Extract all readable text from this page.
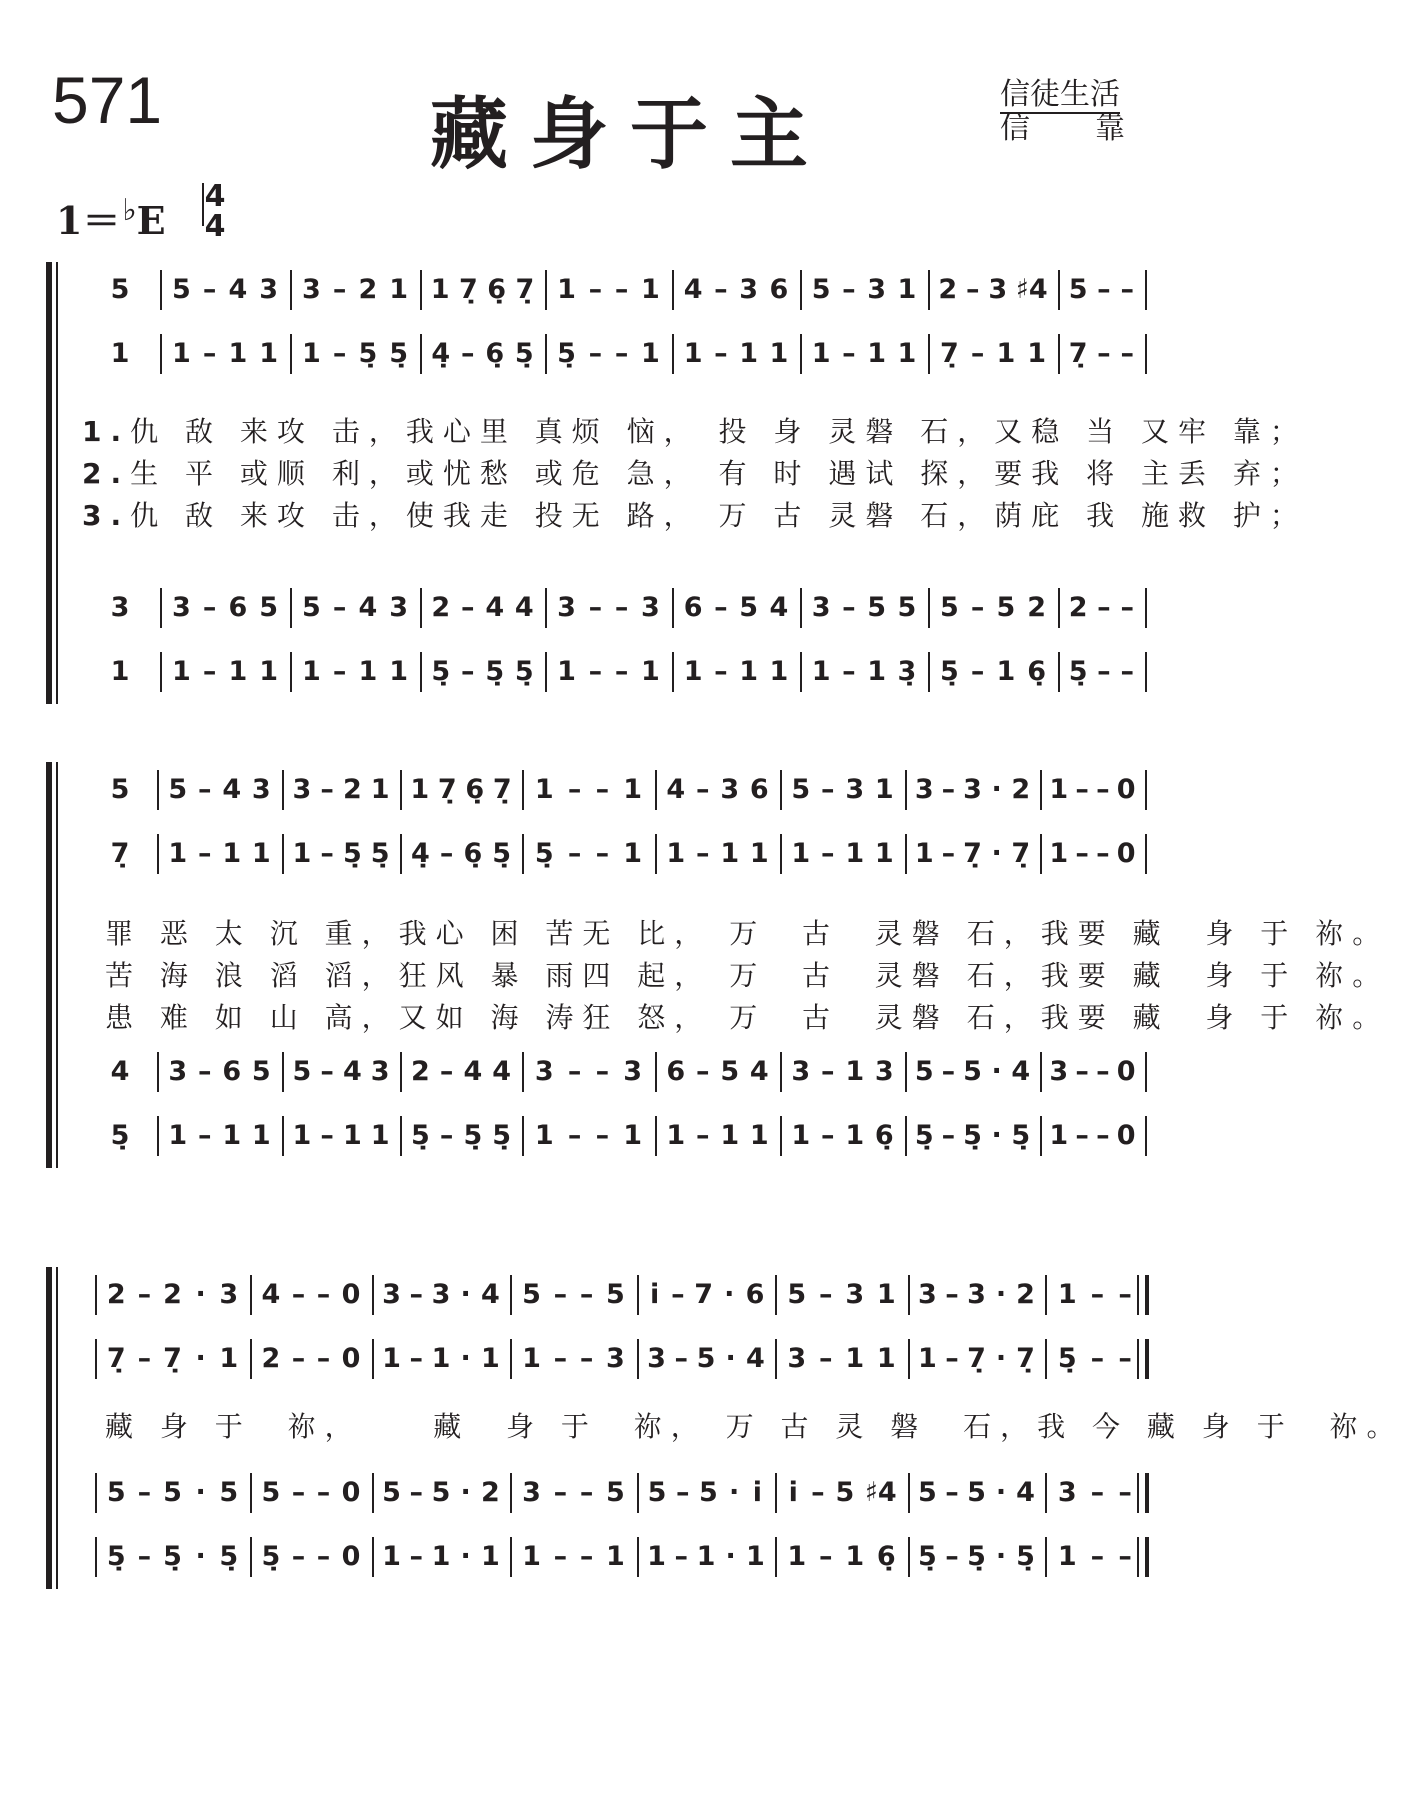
571	藏身于主	信徒生活
信靠
1＝♭E
4
4
5	5 – 4 3 3 – 2 1 1 7̣ 6̣ 7̣ 1 – – 1 4 – 3 6 5 – 3 1 2 – 3 ♯4 5 – –
1	1 – 1 1 1 – 5̣ 5̣ 4̣ – 6̣ 5̣ 5̣ – – 1 1 – 1 1 1 – 1 1 7̣ – 1 1 7̣ – –
3	3 – 6 5 5 – 4 3 2 – 4 4 3 – – 3 6 – 5 4 3 – 5 5 5 – 5 2 2 – –
1	1 – 1 1 1 – 1 1 5̣ – 5̣ 5̣ 1 – – 1 1 – 1 1 1 – 1 3̣ 5̣ – 1 6̣ 5̣ – –
1.仇 敌 来攻 击，我心里 真烦 恼， 投 身 灵磐 石，又稳 当 又牢 靠；
2.生 平 或顺 利，或忧愁 或危 急， 有 时 遇试 探，要我 将 主丢 弃；
3.仇 敌 来攻 击，使我走 投无 路， 万 古 灵磐 石，荫庇 我 施救 护；
5	5 – 4 3 3 – 2 1 1 7̣ 6̣ 7̣ 1 – – 1 4 – 3 6 5 – 3 1 3 – 3 · 2 1 – – 0
7̣	1 – 1 1 1 – 5̣ 5̣ 4̣ – 6̣ 5̣ 5̣ – – 1 1 – 1 1 1 – 1 1 1 – 7̣ · 7̣ 1 – – 0
4	3 – 6 5 5 – 4 3 2 – 4 4 3 – – 3 6 – 5 4 3 – 1 3 5 – 5 · 4 3 – – 0
5̣	1 – 1 1 1 – 1 1 5̣ – 5̣ 5̣ 1 – – 1 1 – 1 1 1 – 1 6̣ 5̣ – 5̣ · 5̣ 1 – – 0
罪 恶 太 沉 重，我心 困 苦无 比， 万  古  灵磐 石，我要 藏  身 于 祢。
苦 海 浪 滔 滔，狂风 暴 雨四 起， 万  古  灵磐 石，我要 藏  身 于 祢。
患 难 如 山 高，又如 海 涛狂 怒， 万  古  灵磐 石，我要 藏  身 于 祢。
2 – 2 · 3 4 – – 0 3 – 3 · 4 5 – – 5 i – 7 · 6 5 – 3 1 3 – 3 · 2 1 – –
7̣ – 7̣ · 1 2 – – 0 1 – 1 · 1 1 – – 3 3 – 5 · 4 3 – 1 1 1 – 7̣ · 7̣ 5̣ – –
5 – 5 · 5 5 – – 0 5 – 5 · 2 3 – – 5 5 – 5 · i i – 5 ♯4 5 – 5 · 4 3 – –
5̣ – 5̣ · 5̣ 5̣ – – 0 1 – 1 · 1 1 – – 1 1 – 1 · 1 1 – 1 6̣ 5̣ – 5̣ · 5̣ 1 – –
藏 身 于  祢，    藏  身 于  祢， 万 古 灵 磐  石，我 今 藏 身 于  祢。
